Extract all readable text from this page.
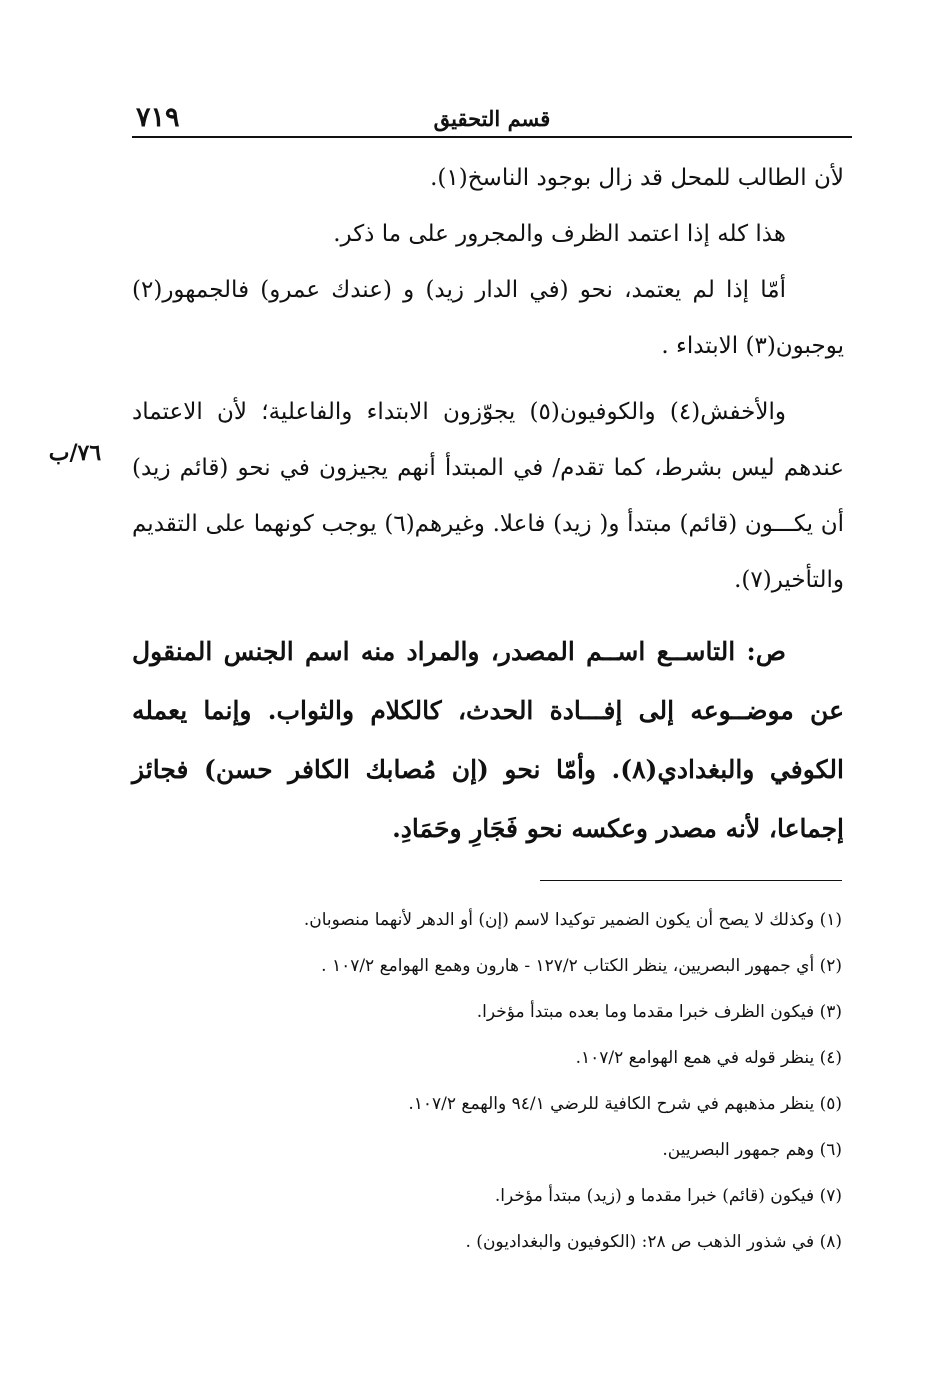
٧١٩	قسم التحقيق
٧٦/ب

لأن الطالب للمحل قد زال بوجود الناسخ(١).

هذا كله إذا اعتمد الظرف والمجرور على ما ذكر.

أمّا إذا لم يعتمد، نحو (في الدار زيد) و (عندك عمرو) فالجمهور(٢) يوجبون(٣) الابتداء .

والأخفش(٤) والكوفيون(٥) يجوّزون الابتداء والفاعلية؛ لأن الاعتماد عندهم ليس بشرط، كما تقدم/ في المبتدأ أنهم يجيزون في نحو (قائم زيد) أن يكـــون (قائم) مبتدأ و( زيد) فاعلا. وغيرهم(٦) يوجب كونهما على التقديم والتأخير(٧).

ص: التاســع اســم المصدر، والمراد منه اسم الجنس المنقول عن موضــوعه إلى إفـــادة الحدث، كالكلام والثواب. وإنما يعمله الكوفي والبغدادي(٨). وأمّا نحو (إن مُصابك الكافر حسن) فجائز إجماعا، لأنه مصدر وعكسه نحو فَجَارِ وحَمَادِ.

(١) وكذلك لا يصح أن يكون الضمير توكيدا لاسم (إن) أو الدهر لأنهما منصوبان.
(٢) أي جمهور البصريين، ينظر الكتاب ١٢٧/٢ - هارون وهمع الهوامع ١٠٧/٢ .
(٣) فيكون الظرف خبرا مقدما وما بعده مبتدأ مؤخرا.
(٤) ينظر قوله في همع الهوامع ١٠٧/٢.
(٥) ينظر مذهبهم في شرح الكافية للرضي ٩٤/١ والهمع ١٠٧/٢.
(٦) وهم جمهور البصريين.
(٧) فيكون (قائم) خبرا مقدما و (زيد) مبتدأ مؤخرا.
(٨) في شذور الذهب ص ٢٨: (الكوفيون والبغداديون) .
